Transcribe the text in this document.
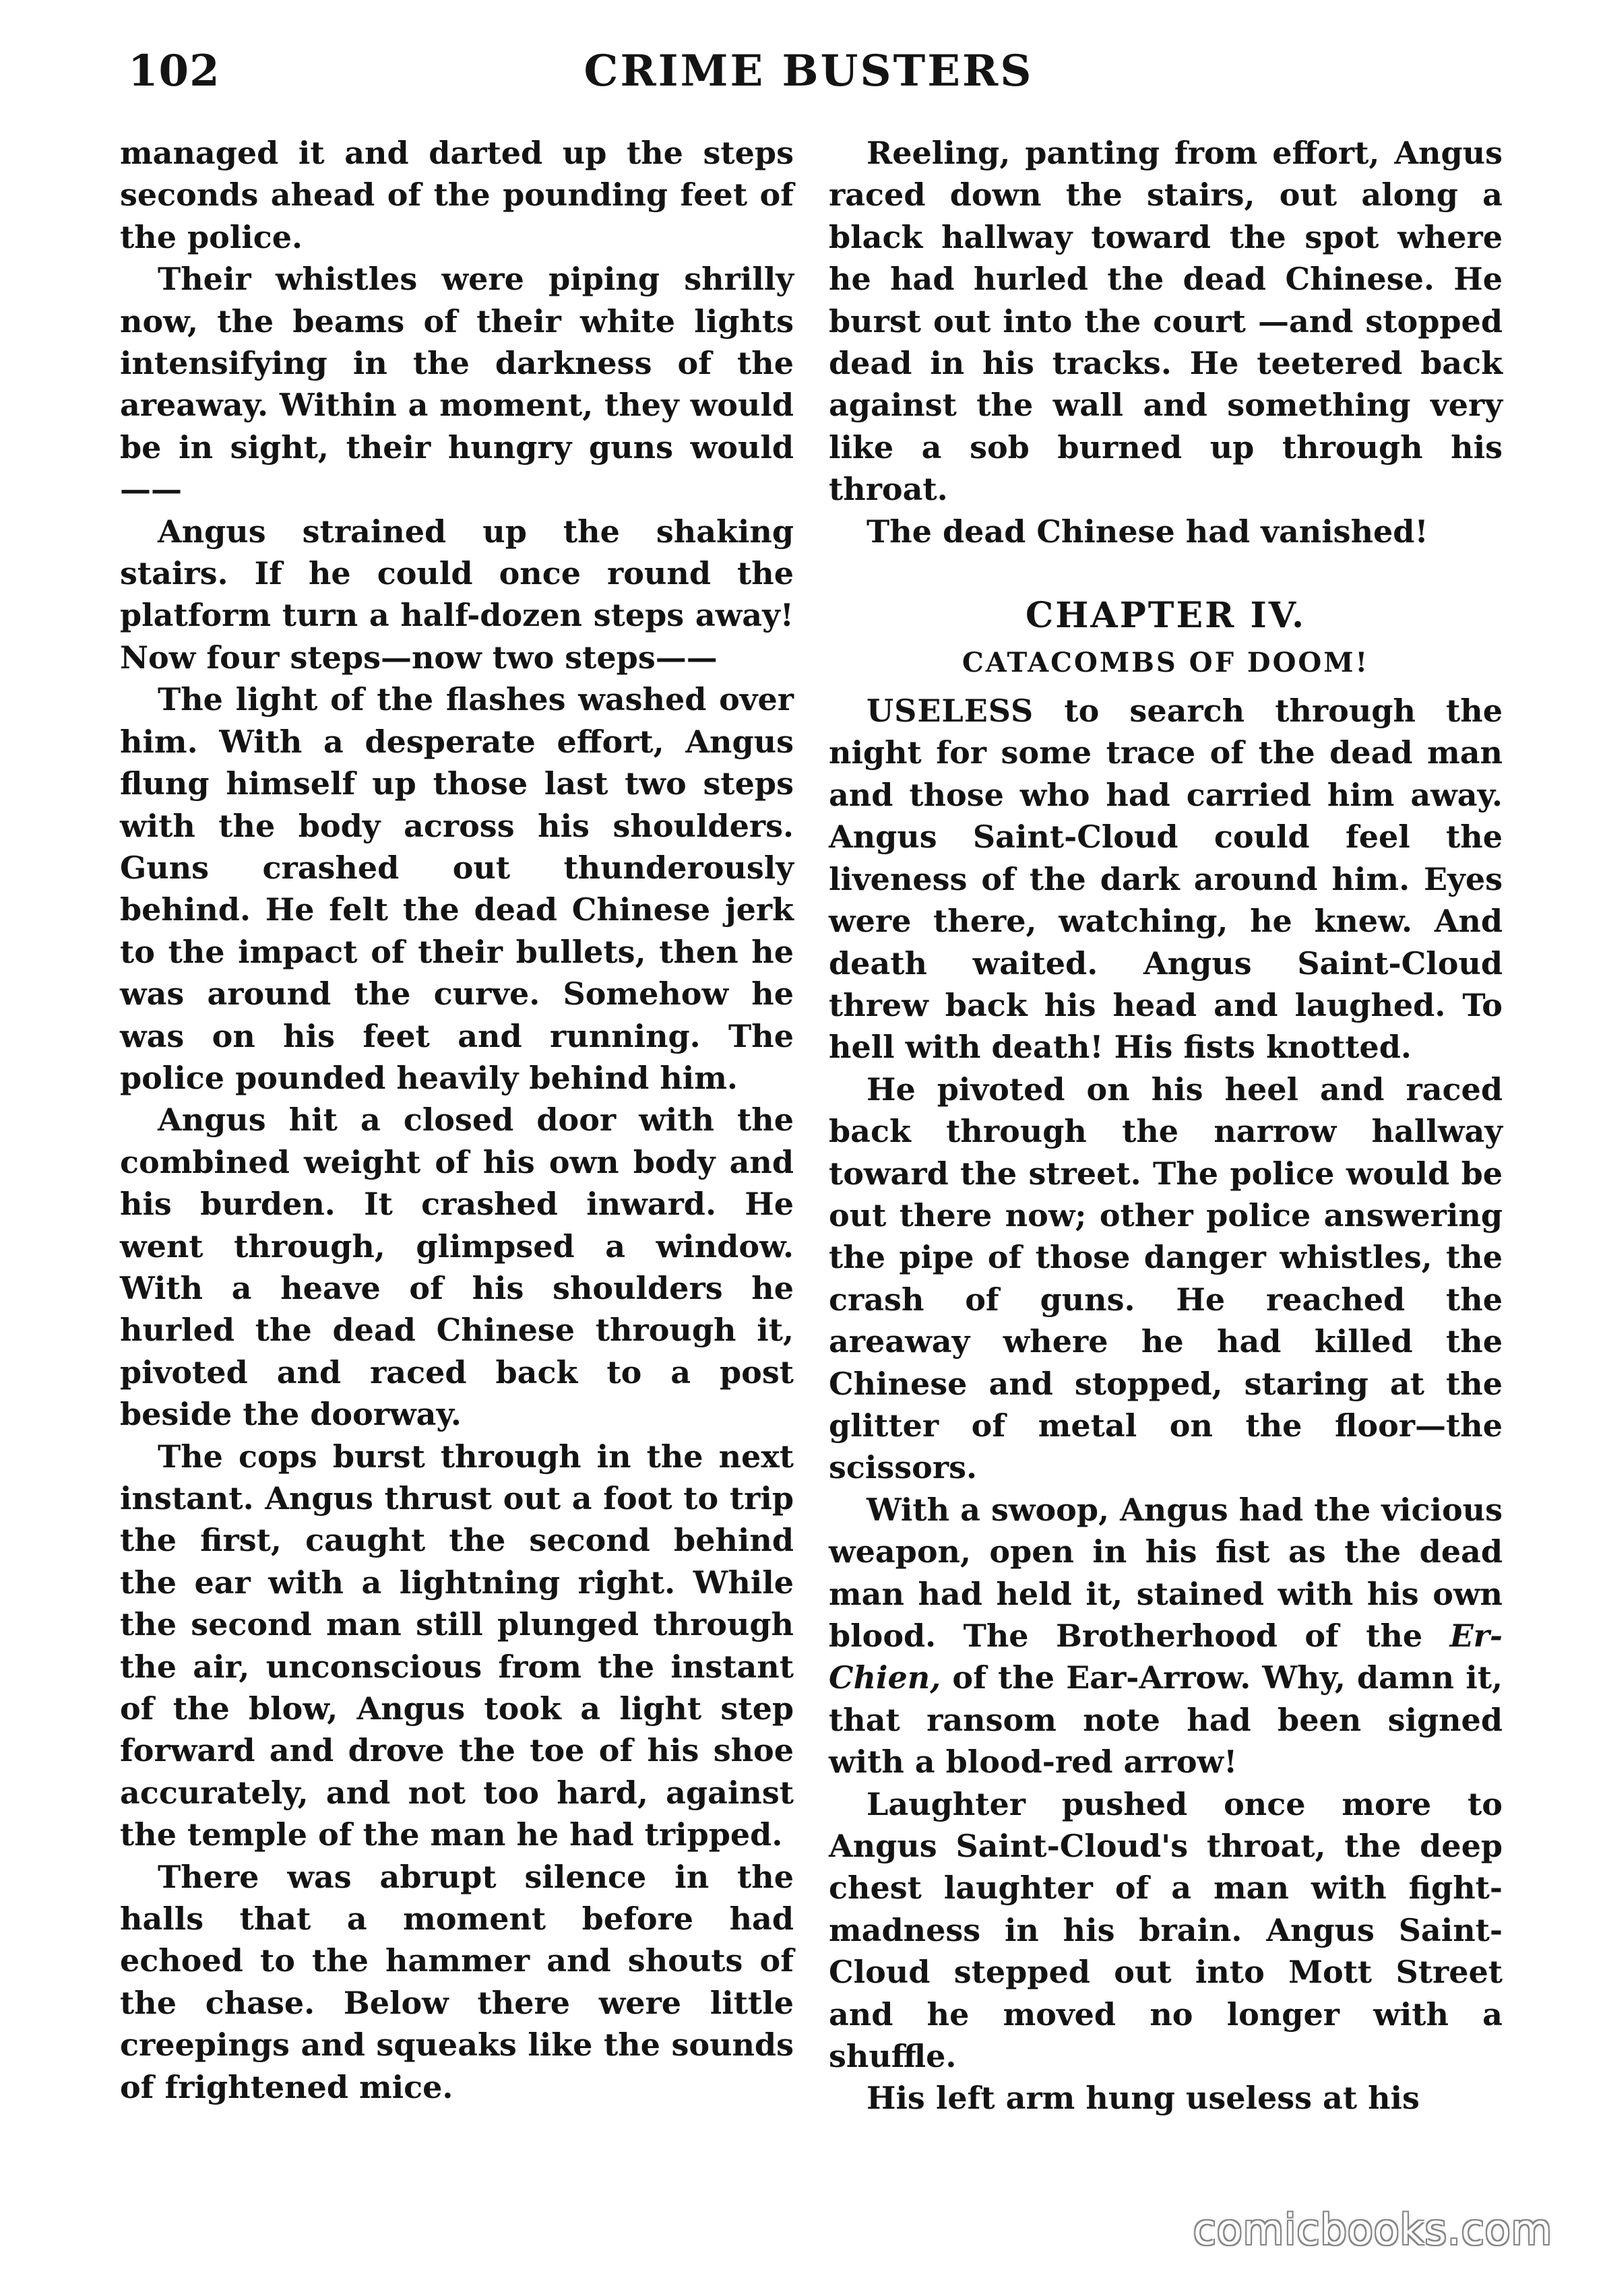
102	CRIME BUSTERS

managed it and darted up the steps seconds ahead of the pounding feet of the police.

Their whistles were piping shrilly now, the beams of their white lights intensifying in the darkness of the areaway. Within a moment, they would be in sight, their hungry guns would——

Angus strained up the shaking stairs. If he could once round the platform turn a half-dozen steps away! Now four steps—now two steps——

The light of the flashes washed over him. With a desperate effort, Angus flung himself up those last two steps with the body across his shoulders. Guns crashed out thunderously behind. He felt the dead Chinese jerk to the impact of their bullets, then he was around the curve. Somehow he was on his feet and running. The police pounded heavily behind him.

Angus hit a closed door with the combined weight of his own body and his burden. It crashed inward. He went through, glimpsed a window. With a heave of his shoulders he hurled the dead Chinese through it, pivoted and raced back to a post beside the doorway.

The cops burst through in the next instant. Angus thrust out a foot to trip the first, caught the second behind the ear with a lightning right. While the second man still plunged through the air, unconscious from the instant of the blow, Angus took a light step forward and drove the toe of his shoe accurately, and not too hard, against the temple of the man he had tripped.

There was abrupt silence in the halls that a moment before had echoed to the hammer and shouts of the chase. Below there were little creepings and squeaks like the sounds of frightened mice.

Reeling, panting from effort, Angus raced down the stairs, out along a black hallway toward the spot where he had hurled the dead Chinese. He burst out into the court —and stopped dead in his tracks. He teetered back against the wall and something very like a sob burned up through his throat.

The dead Chinese had vanished!

CHAPTER IV.
CATACOMBS OF DOOM!

USELESS to search through the night for some trace of the dead man and those who had carried him away. Angus Saint-Cloud could feel the liveness of the dark around him. Eyes were there, watching, he knew. And death waited. Angus Saint-Cloud threw back his head and laughed. To hell with death! His fists knotted.

He pivoted on his heel and raced back through the narrow hallway toward the street. The police would be out there now; other police answering the pipe of those danger whistles, the crash of guns. He reached the areaway where he had killed the Chinese and stopped, staring at the glitter of metal on the floor—the scissors.

With a swoop, Angus had the vicious weapon, open in his fist as the dead man had held it, stained with his own blood. The Brotherhood of the Er-Chien, of the Ear-Arrow. Why, damn it, that ransom note had been signed with a blood-red arrow!

Laughter pushed once more to Angus Saint-Cloud's throat, the deep chest laughter of a man with fight-madness in his brain. Angus Saint-Cloud stepped out into Mott Street and he moved no longer with a shuffle.

His left arm hung useless at his

comicbooks.com
